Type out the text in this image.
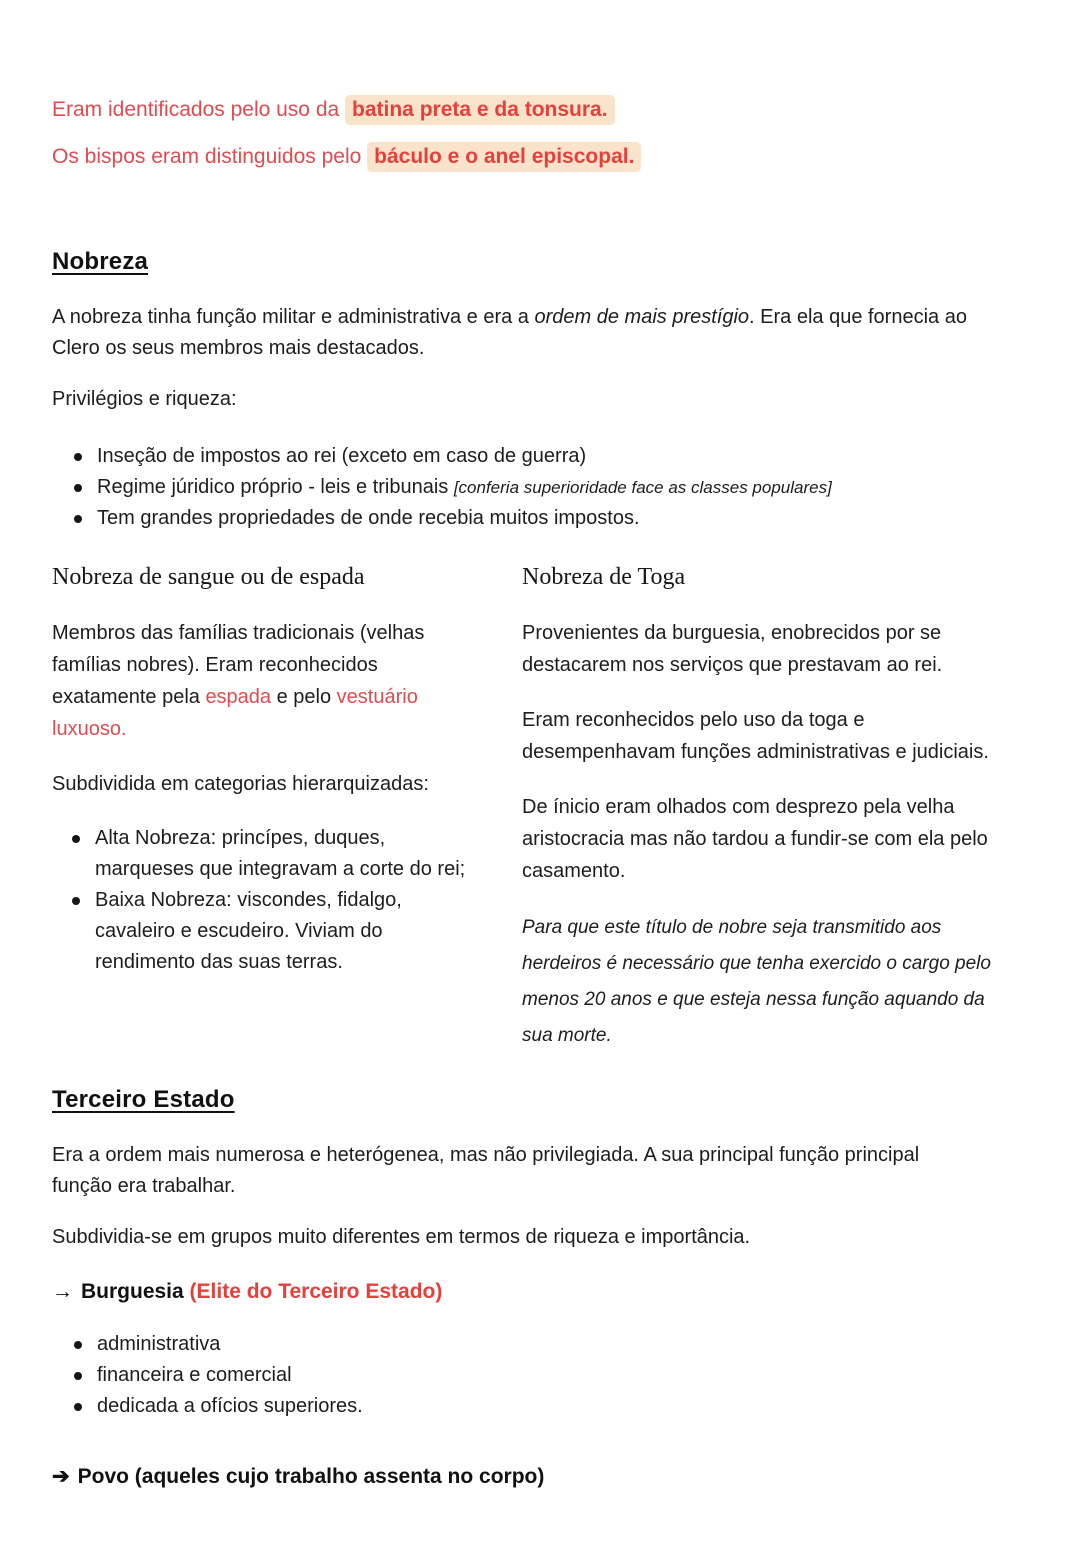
Eram identificados pelo uso da batina preta e da tonsura.

Os bispos eram distinguidos pelo báculo e o anel episcopal.

Nobreza

A nobreza tinha função militar e administrativa e era a ordem de mais prestígio. Era ela que fornecia ao Clero os seus membros mais destacados.

Privilégios e riqueza:

Inseção de impostos ao rei (exceto em caso de guerra)
Regime júridico próprio - leis e tribunais [conferia superioridade face as classes populares]
Tem grandes propriedades de onde recebia muitos impostos.
Nobreza de sangue ou de espada

Membros das famílias tradicionais (velhas famílias nobres). Eram reconhecidos exatamente pela espada e pelo vestuário luxuoso.

Subdividida em categorias hierarquizadas:

Alta Nobreza: princípes, duques, marqueses que integravam a corte do rei;
Baixa Nobreza: viscondes, fidalgo, cavaleiro e escudeiro. Viviam do rendimento das suas terras.
Nobreza de Toga

Provenientes da burguesia, enobrecidos por se destacarem nos serviços que prestavam ao rei.

Eram reconhecidos pelo uso da toga e desempenhavam funções administrativas e judiciais.

De ínicio eram olhados com desprezo pela velha aristocracia mas não tardou a fundir-se com ela pelo casamento.

Para que este título de nobre seja transmitido aos herdeiros é necessário que tenha exercido o cargo pelo menos 20 anos e que esteja nessa função aquando da sua morte.

Terceiro Estado

Era a ordem mais numerosa e heterógenea, mas não privilegiada. A sua principal função principal função era trabalhar.

Subdividia-se em grupos muito diferentes em termos de riqueza e importância.

→ Burguesia (Elite do Terceiro Estado)

administrativa
financeira e comercial
dedicada a ofícios superiores.

➔ Povo (aqueles cujo trabalho assenta no corpo)
